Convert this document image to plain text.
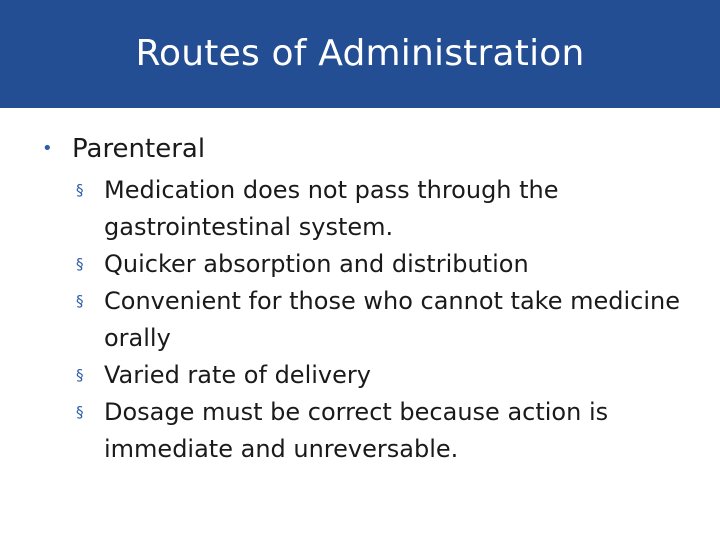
Routes of Administration
• Parenteral
§ Medication does not pass through the gastrointestinal system.
§ Quicker absorption and distribution
§ Convenient for those who cannot take medicine orally
§ Varied rate of delivery
§ Dosage must be correct because action is immediate and unreversable.
